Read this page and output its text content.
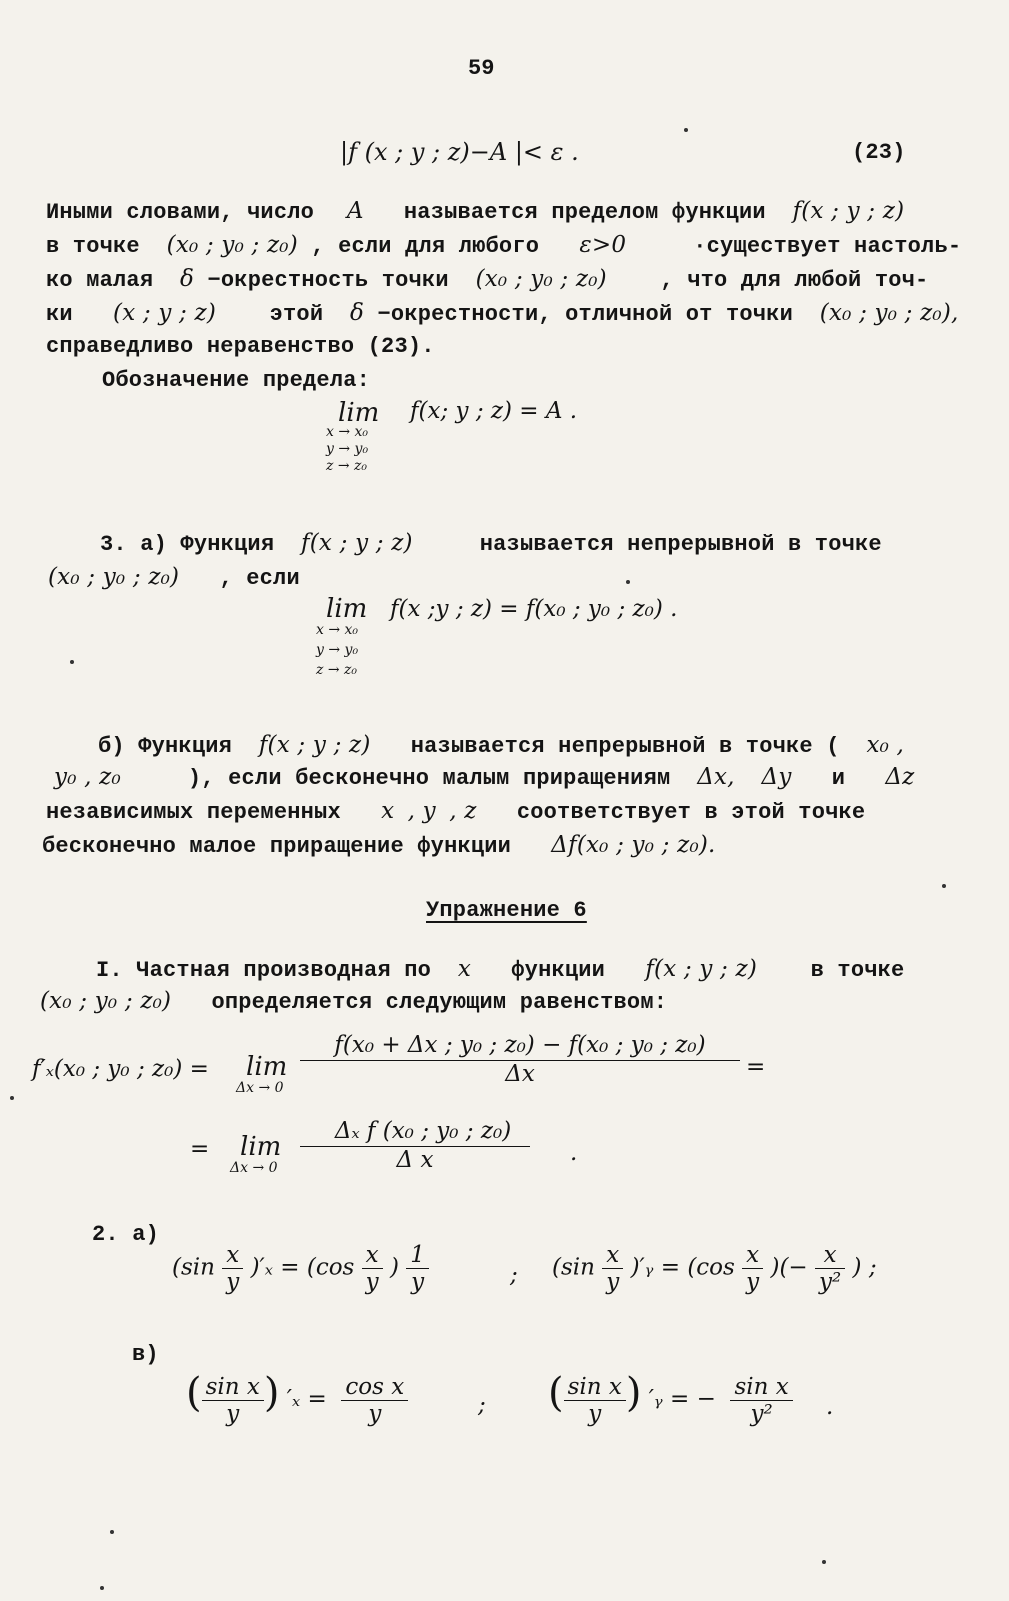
59
|f (x ; y ; z)−A |< ε .	(23)
Иными словами, число A называется пределом функции f(x ; y ; z)
в точке (x₀ ; y₀ ; z₀) , если для любого ε>0	·существует настоль-
ко малая δ −окрестность точки (x₀ ; y₀ ; z₀) , что для любой точ-
ки (x ; y ; z) этой δ −окрестности, отличной от точки (x₀ ; y₀ ; z₀),
справедливо неравенство (23).
Обозначение предела:
lim
x → x₀
y → y₀
z → z₀
f(x; y ; z) = A .
3. а) Функция f(x ; y ; z)	называется непрерывной в точке
(x₀ ; y₀ ; z₀) , если
lim
x → x₀
y → y₀
z → z₀
f(x ;y ; z) = f(x₀ ; y₀ ; z₀) .
б) Функция f(x ; y ; z) называется непрерывной в точке ( x₀ ,
y₀ , z₀	), если бесконечно малым приращениям Δx, Δy и Δz
независимых переменных x , y , z соответствует в этой точке
бесконечно малое приращение функции Δf(x₀ ; y₀ ; z₀).
Упражнение 6
I. Частная производная по x функции f(x ; y ; z) в точке
(x₀ ; y₀ ; z₀) определяется следующим равенством:
f′ₓ(x₀ ; y₀ ; z₀) = lim
Δx → 0
$\frac{\text{f(x₀ + Δx ; y₀ ; z₀) − f(x₀ ; y₀ ; z₀)}}{\Delta x}$ =
= lim
$\Delta x \to 0 \frac{\text{Δₓ f (x₀ ; y₀ ; z₀)}}{\text{Δ x}}$ .
2. а)
$(\sin \frac{x}{y} )'_x = (\cos \frac{x}{y}$ ) $\frac{1}{y}$	; ($\sin \frac{x}{y}$ )′ᵧ = ($\cos \frac{x}{y}$ )(− $\frac{x}{\text{y²}}$ ) ;
в)
( $\frac{\text{sin x}}{y}$ ) $'_x = \frac{\text{cos x}}{y}$	; ( $\frac{\text{sin x}}{y}$ ) ′ᵧ = − $\frac{\text{sin x}}{\text{y²}}$ .
